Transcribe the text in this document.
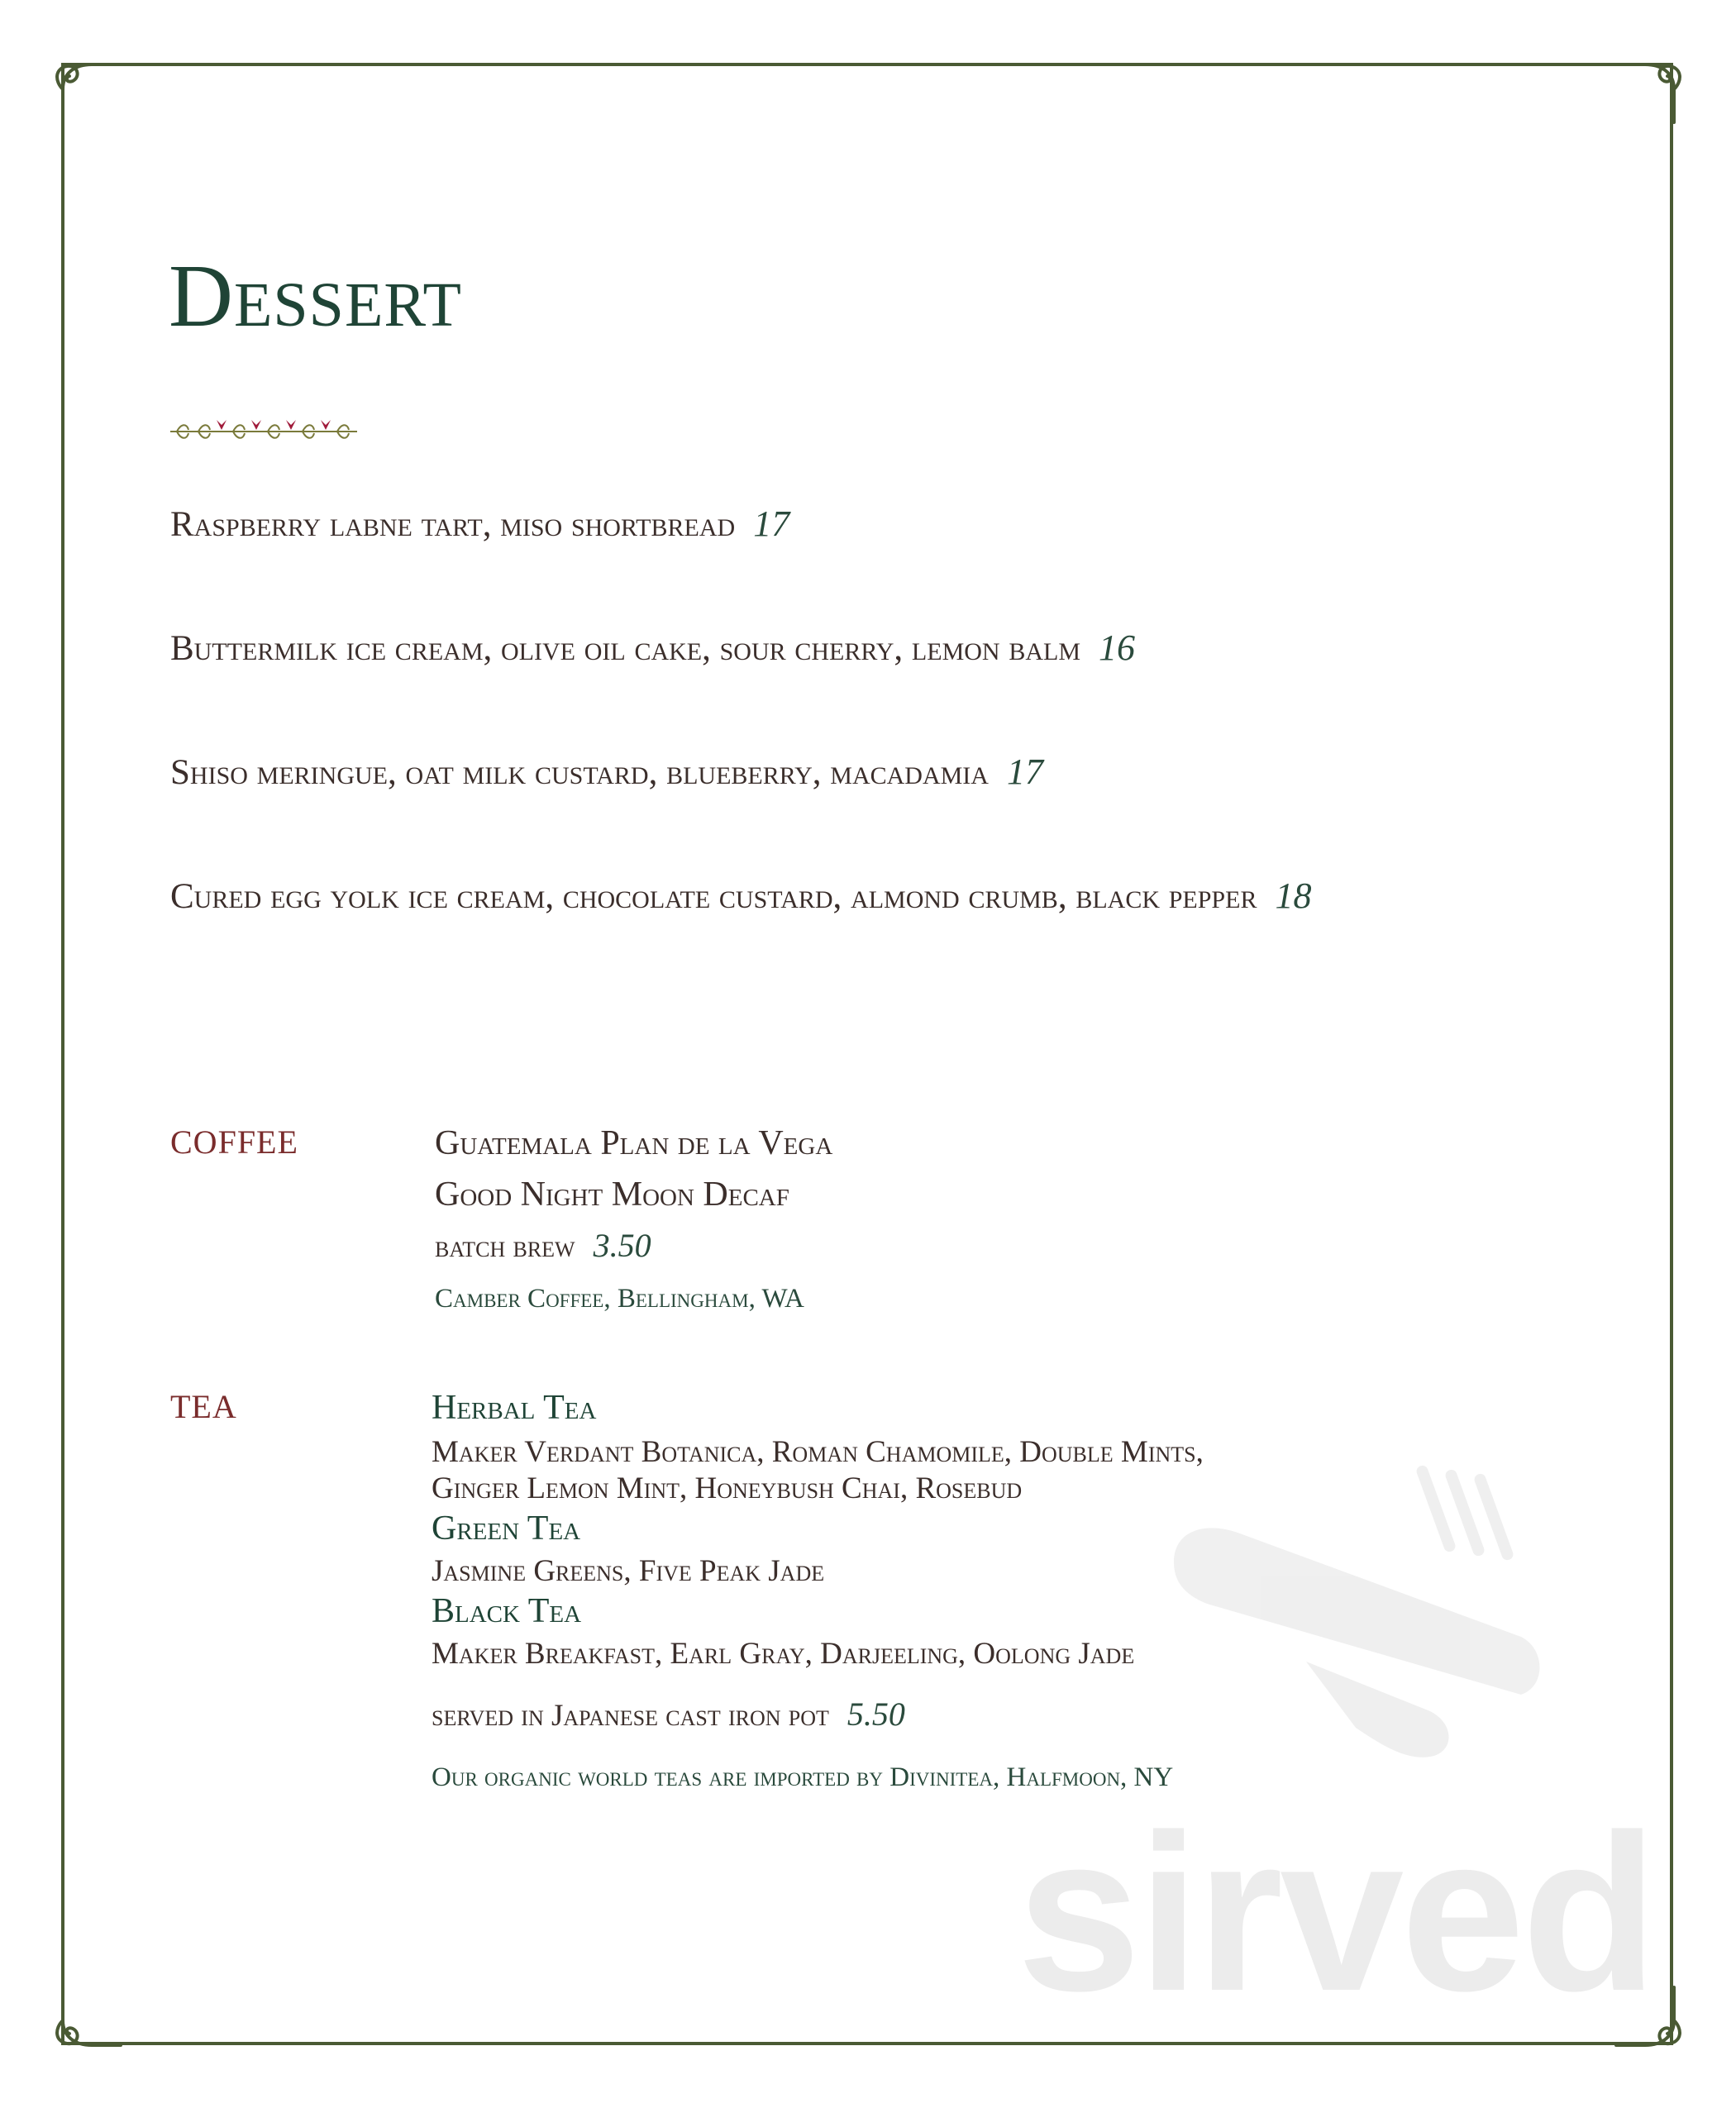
sirved
Dessert
Raspberry labne tart, miso shortbread 17
Buttermilk ice cream, olive oil cake, sour cherry, lemon balm 16
Shiso meringue, oat milk custard, blueberry, macadamia 17
Cured egg yolk ice cream, chocolate custard, almond crumb, black pepper 18
COFFEE	Guatemala Plan de la Vega
Good Night Moon Decaf
batch brew 3.50
Camber Coffee, Bellingham, WA
TEA	Herbal Tea
Maker Verdant Botanica, Roman Chamomile, Double Mints,
Ginger Lemon Mint, Honeybush Chai, Rosebud
Green Tea
Jasmine Greens, Five Peak Jade
Black Tea
Maker Breakfast, Earl Gray, Darjeeling, Oolong Jade
served in Japanese cast iron pot 5.50
Our organic world teas are imported by Divinitea, Halfmoon, NY
